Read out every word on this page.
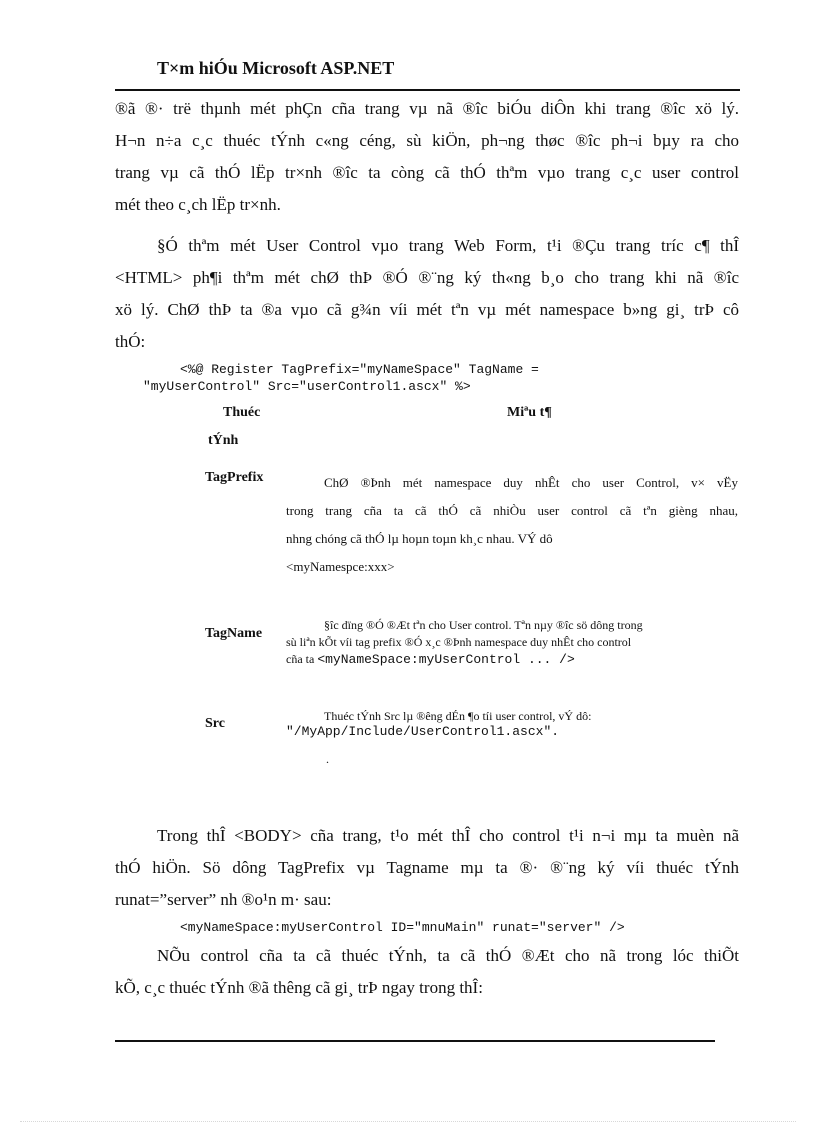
T×m hiÓu Microsoft ASP.NET
®ã ®· trë thµnh mét phÇn cña trang vµ nã ®îc biÓu diÔn khi trang ®îc xö lý.
H¬n n÷a c¸c thuéc tÝnh c«ng céng, sù kiÖn, ph¬ng thøc ®îc ph¬i bµy ra cho
trang vµ cã thÓ lËp tr×nh ®îc ta còng cã thÓ thªm vµo trang c¸c user control
mét theo c¸ch lËp tr×nh.
§Ó thªm mét User Control vµo trang Web Form, t¹i ®Çu trang tríc c¶ thÎ
<HTML> ph¶i thªm mét chØ thÞ ®Ó ®¨ng ký th«ng b¸o cho trang khi nã ®îc
xö lý. ChØ thÞ ta ®a vµo cã g¾n víi mét tªn vµ mét namespace b»ng gi¸ trÞ cô
thÓ:
<%@ Register TagPrefix="myNameSpace" TagName =
"myUserControl" Src="userControl1.ascx" %>
Thuéc
tÝnh
Miªu t¶
TagPrefix	ChØ ®Þnh mét namespace duy nhÊt cho user Control, v× vËy
trong trang cña ta cã thÓ cã nhiÒu user control cã tªn gièng nhau,
nhng chóng cã thÓ lµ hoµn toµn kh¸c nhau. VÝ dô
<myNamespce:xxx>
TagName
§îc dïng ®Ó ®Æt tªn cho User control. Tªn nµy ®îc sö dông trong
sù liªn kÕt víi tag prefix ®Ó x¸c ®Þnh namespace duy nhÊt cho control
cña ta <myNameSpace:myUserControl ... />
Src	Thuéc tÝnh Src lµ ®êng dÉn ¶o tíi user control, vÝ dô:
"/MyApp/Include/UserControl1.ascx".
.
Trong thÎ <BODY> cña trang, t¹o mét thÎ cho control t¹i n¬i mµ ta muèn nã
thÓ hiÖn. Sö dông TagPrefix vµ Tagname mµ ta ®· ®¨ng ký víi thuéc tÝnh
runat=”server” nh ®o¹n m· sau:
<myNameSpace:myUserControl ID="mnuMain" runat="server" />
NÕu control cña ta cã thuéc tÝnh, ta cã thÓ ®Æt cho nã trong lóc thiÕt
kÕ, c¸c thuéc tÝnh ®ã thêng cã gi¸ trÞ ngay trong thÎ:
